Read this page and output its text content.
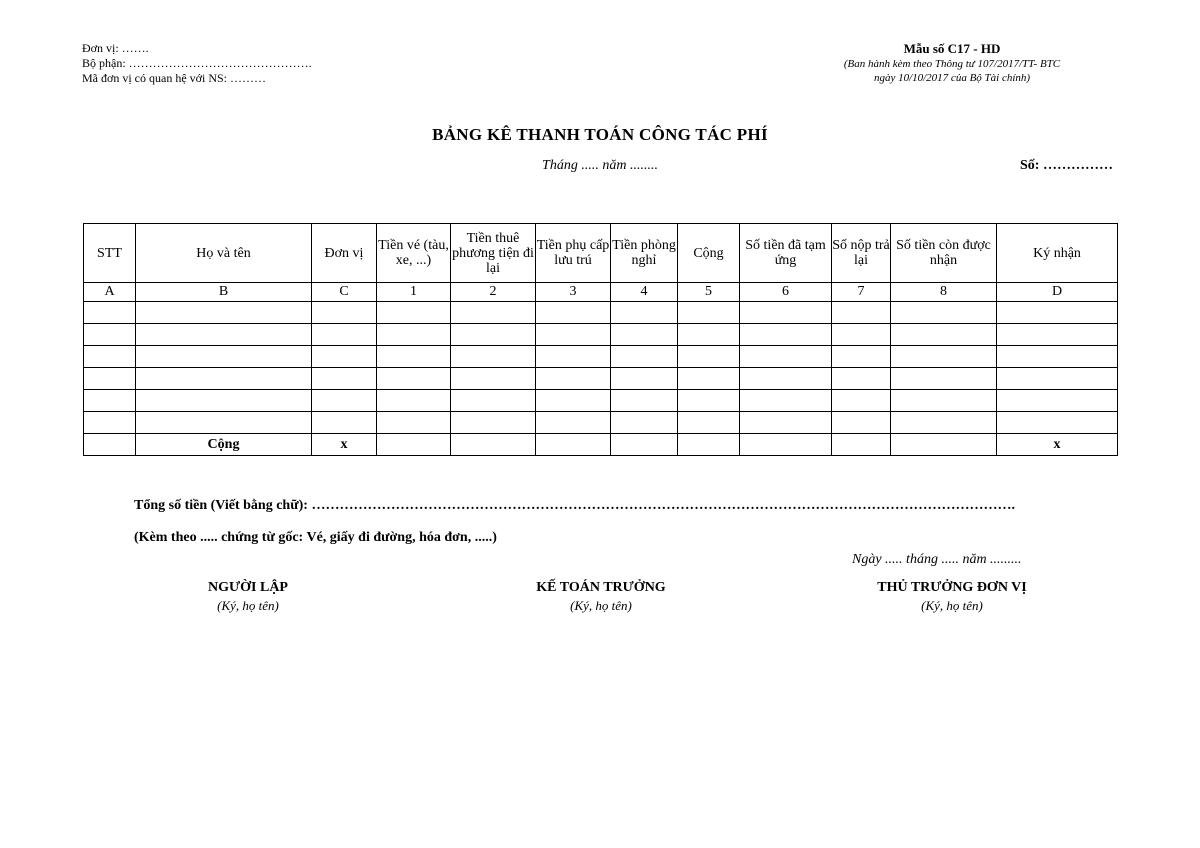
Đơn vị: …….
Bộ phận: ……………………………………….
Mã đơn vị có quan hệ với NS: ………
Mẫu số C17 - HD
(Ban hành kèm theo Thông tư 107/2017/TT- BTC
ngày 10/10/2017 của Bộ Tài chính)
BẢNG KÊ THANH TOÁN CÔNG TÁC PHÍ
Tháng ..... năm ........	Số: ……………
STT	Họ và tên	Đơn vị	Tiền vé (tàu, xe, ...)	Tiền thuê phương tiện đi lại	Tiền phụ cấp lưu trú	Tiền phòng nghỉ	Cộng	Số tiền đã tạm ứng	Số nộp trả lại	Số tiền còn được nhận	Ký nhận
A	B	C	1	2	3	4	5	6	7	8	D

	Cộng	x									x
Tổng số tiền (Viết bằng chữ): …………………………………………………………………………………………………………………………………….
(Kèm theo ..... chứng từ gốc: Vé, giấy đi đường, hóa đơn, .....)
Ngày ..... tháng ..... năm .........
NGƯỜI LẬP
(Ký, họ tên)
KẾ TOÁN TRƯỞNG
(Ký, họ tên)
THỦ TRƯỞNG ĐƠN VỊ
(Ký, họ tên)
